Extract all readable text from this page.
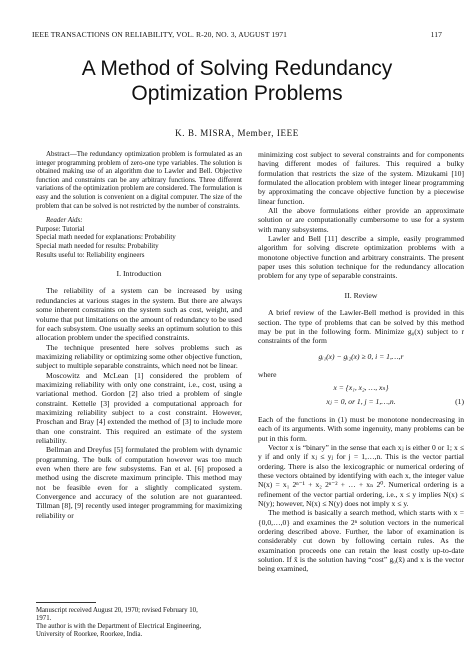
IEEE TRANSACTIONS ON RELIABILITY, VOL. R-20, NO. 3, AUGUST 1971	117
A Method of Solving Redundancy
Optimization Problems
K. B. MISRA, Member, IEEE

Abstract—The redundancy optimization problem is formulated as an integer programming problem of zero-one type variables. The solution is obtained making use of an algorithm due to Lawler and Bell. Objective function and constraints can be any arbitrary functions. Three different variations of the optimization problem are considered. The formulation is easy and the solution is convenient on a digital computer. The size of the problem that can be solved is not restricted by the number of constraints.

Reader Aids:
Purpose: Tutorial
Special math needed for explanations: Probability
Special math needed for results: Probability
Results useful to: Reliability engineers
I. Introduction

The reliability of a system can be increased by using redundancies at various stages in the system. But there are always some inherent constraints on the system such as cost, weight, and volume that put limitations on the amount of redundancy to be used for each subsystem. One usually seeks an optimum solution to this allocation problem under the specified constraints.

The technique presented here solves problems such as maximizing reliability or optimizing some other objective function, subject to multiple separable constraints, which need not be linear.

Moscowitz and McLean [1] considered the problem of maximizing reliability with only one constraint, i.e., cost, using a variational method. Gordon [2] also tried a problem of single constraint. Kettelle [3] provided a computational approach for maximizing reliability subject to a cost constraint. However, Proschan and Bray [4] extended the method of [3] to include more than one constraint. This required an estimate of the system reliability.

Bellman and Dreyfus [5] formulated the problem with dynamic programming. The bulk of computation however was too much even when there are few subsystems. Fan et al. [6] proposed a method using the discrete maximum principle. This method may not be feasible even for a slightly complicated system. Convergence and accuracy of the solution are not guaranteed. Tillman [8], [9] recently used integer programming for maximizing reliability or

Manuscript received August 20, 1970; revised February 10,
1971.
The author is with the Department of Electrical Engineering,
University of Roorkee, Roorkee, India.

minimizing cost subject to several constraints and for components having different modes of failures. This required a bulky formulation that restricts the size of the system. Mizukami [10] formulated the allocation problem with integer linear programming by approximating the concave objective function by a piecewise linear function.

All the above formulations either provide an approximate solution or are computationally cumbersome to use for a system with many subsystems.

Lawler and Bell [11] describe a simple, easily programmed algorithm for solving discrete optimization problems with a monotone objective function and arbitrary constraints. The present paper uses this solution technique for the redundancy allocation problem for any type of separable constraints.

II. Review

A brief review of the Lawler-Bell method is provided in this section. The type of problems that can be solved by this method may be put in the following form. Minimize g₀(x) subject to r constraints of the form

gᵢ₁(x) − gᵢ₂(x) ≥ 0, i = 1,…,r

where

x = {x₁, x₂, …, xₙ}
xⱼ = 0, or 1, j = 1,…,n.	(1)

Each of the functions in (1) must be monotone nondecreasing in each of its arguments. With some ingenuity, many problems can be put in this form.

Vector x is “binary” in the sense that each xⱼ is either 0 or 1; x ≤ y if and only if xⱼ ≤ yⱼ for j = 1,…,n. This is the vector partial ordering. There is also the lexicographic or numerical ordering of these vectors obtained by identifying with each x, the integer value N(x) = x₁ 2ⁿ⁻¹ + x₂ 2ⁿ⁻² + … + xₙ 2⁰. Numerical ordering is a refinement of the vector partial ordering, i.e., x ≤ y implies N(x) ≤ N(y); however, N(x) ≤ N(y) does not imply x ≤ y.

The method is basically a search method, which starts with x = {0,0,…,0} and examines the 2ⁿ solution vectors in the numerical ordering described above. Further, the labor of examination is considerably cut down by following certain rules. As the examination proceeds one can retain the least costly up-to-date solution. If x̂ is the solution having “cost” g₀(x̂) and x is the vector being examined,
